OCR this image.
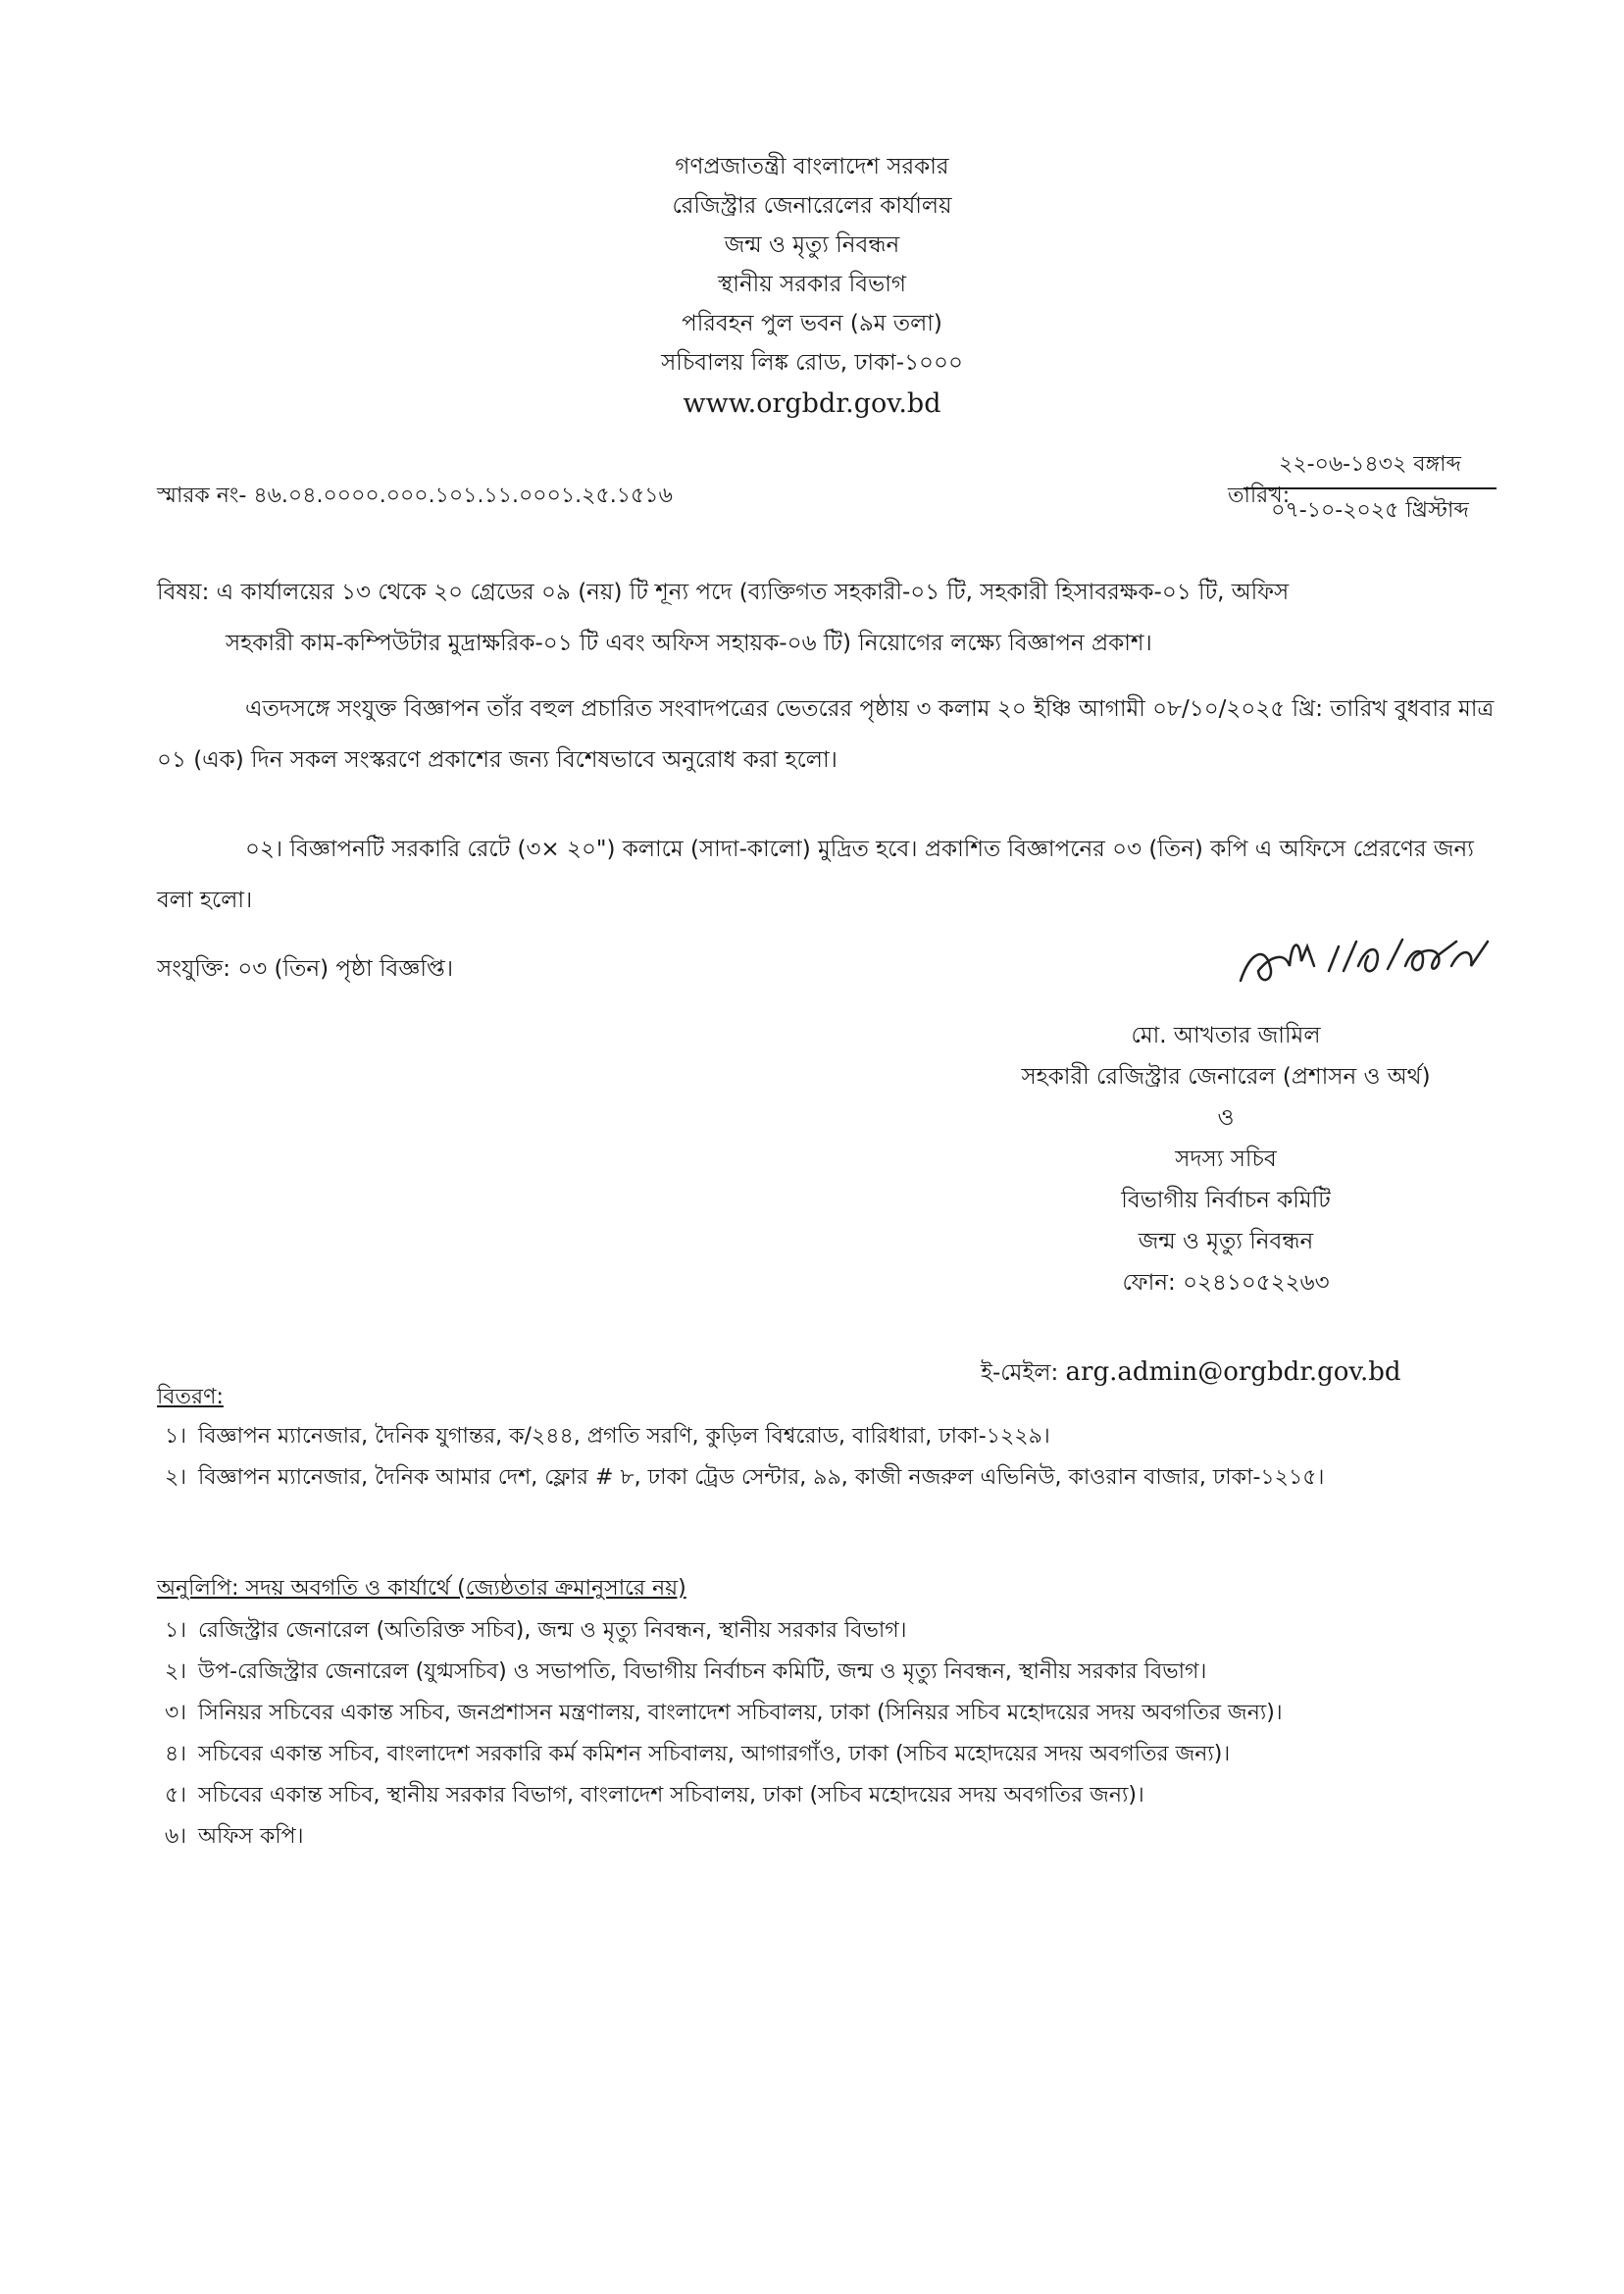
গণপ্রজাতন্ত্রী বাংলাদেশ সরকার
রেজিস্ট্রার জেনারেলের কার্যালয়
জন্ম ও মৃত্যু নিবন্ধন
স্থানীয় সরকার বিভাগ
পরিবহন পুল ভবন (৯ম তলা)
সচিবালয় লিঙ্ক রোড, ঢাকা-১০০০
www.orgbdr.gov.bd
স্মারক নং- ৪৬.০৪.০০০০.০০০.১০১.১১.০০০১.২৫.১৫১৬	তারিখ:
২২-০৬-১৪৩২ বঙ্গাব্দ
০৭-১০-২০২৫ খ্রিস্টাব্দ
বিষয়: এ কার্যালয়ের ১৩ থেকে ২০ গ্রেডের ০৯ (নয়) টি শূন্য পদে (ব্যক্তিগত সহকারী-০১ টি, সহকারী হিসাবরক্ষক-০১ টি, অফিস
সহকারী কাম-কম্পিউটার মুদ্রাক্ষরিক-০১ টি এবং অফিস সহায়ক-০৬ টি) নিয়োগের লক্ষ্যে বিজ্ঞাপন প্রকাশ।
এতদসঙ্গে সংযুক্ত বিজ্ঞাপন তাঁর বহুল প্রচারিত সংবাদপত্রের ভেতরের পৃষ্ঠায় ৩ কলাম ২০ ইঞ্চি আগামী ০৮/১০/২০২৫ খ্রি: তারিখ বুধবার মাত্র ০১ (এক) দিন সকল সংস্করণে প্রকাশের জন্য বিশেষভাবে অনুরোধ করা হলো।
০২। বিজ্ঞাপনটি সরকারি রেটে (৩× ২০") কলামে (সাদা-কালো) মুদ্রিত হবে। প্রকাশিত বিজ্ঞাপনের ০৩ (তিন) কপি এ অফিসে প্রেরণের জন্য বলা হলো।
সংযুক্তি: ০৩ (তিন) পৃষ্ঠা বিজ্ঞপ্তি।
মো. আখতার জামিল
সহকারী রেজিস্ট্রার জেনারেল (প্রশাসন ও অর্থ)
ও
সদস্য সচিব
বিভাগীয় নির্বাচন কমিটি
জন্ম ও মৃত্যু নিবন্ধন
ফোন: ০২৪১০৫২২৬৩
ই-মেইল: arg.admin@orgbdr.gov.bd
বিতরণ:
১। বিজ্ঞাপন ম্যানেজার, দৈনিক যুগান্তর, ক/২৪৪, প্রগতি সরণি, কুড়িল বিশ্বরোড, বারিধারা, ঢাকা-১২২৯।
২। বিজ্ঞাপন ম্যানেজার, দৈনিক আমার দেশ, ফ্লোর # ৮, ঢাকা ট্রেড সেন্টার, ৯৯, কাজী নজরুল এভিনিউ, কাওরান বাজার, ঢাকা-১২১৫।
অনুলিপি: সদয় অবগতি ও কার্যার্থে (জ্যেষ্ঠতার ক্রমানুসারে নয়)
১। রেজিস্ট্রার জেনারেল (অতিরিক্ত সচিব), জন্ম ও মৃত্যু নিবন্ধন, স্থানীয় সরকার বিভাগ।
২। উপ-রেজিস্ট্রার জেনারেল (যুগ্মসচিব) ও সভাপতি, বিভাগীয় নির্বাচন কমিটি, জন্ম ও মৃত্যু নিবন্ধন, স্থানীয় সরকার বিভাগ।
৩। সিনিয়র সচিবের একান্ত সচিব, জনপ্রশাসন মন্ত্রণালয়, বাংলাদেশ সচিবালয়, ঢাকা (সিনিয়র সচিব মহোদয়ের সদয় অবগতির জন্য)।
৪। সচিবের একান্ত সচিব, বাংলাদেশ সরকারি কর্ম কমিশন সচিবালয়, আগারগাঁও, ঢাকা (সচিব মহোদয়ের সদয় অবগতির জন্য)।
৫। সচিবের একান্ত সচিব, স্থানীয় সরকার বিভাগ, বাংলাদেশ সচিবালয়, ঢাকা (সচিব মহোদয়ের সদয় অবগতির জন্য)।
৬। অফিস কপি।
